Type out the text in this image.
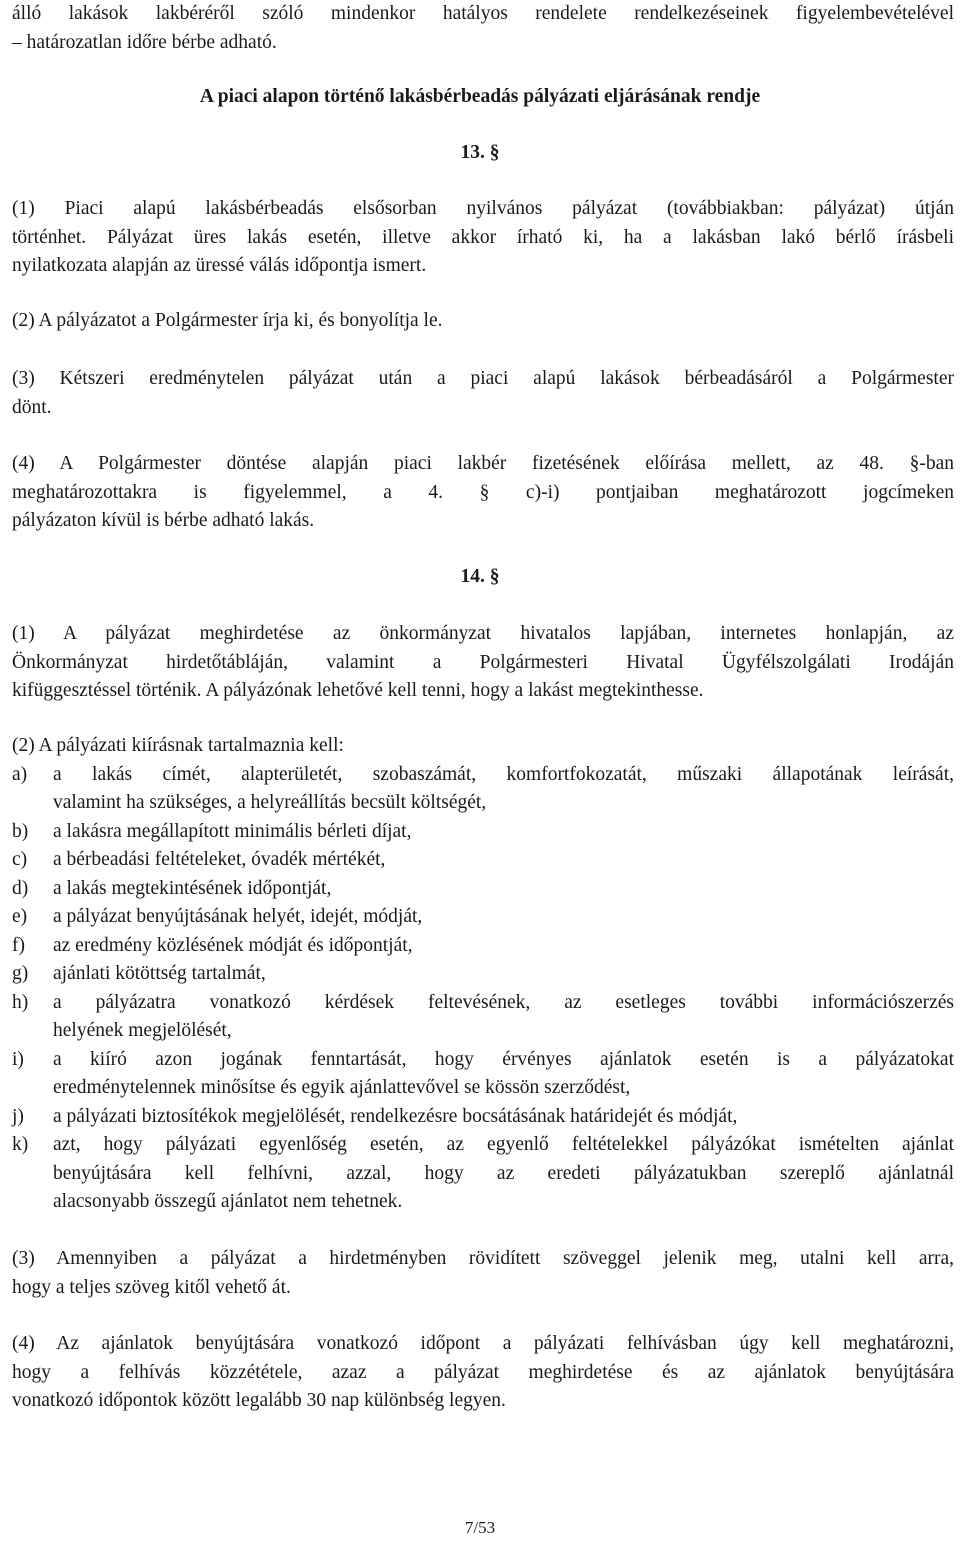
álló lakások lakbéréről szóló mindenkor hatályos rendelete rendelkezéseinek figyelembevételével
– határozatlan időre bérbe adható.
A piaci alapon történő lakásbérbeadás pályázati eljárásának rendje
13. §
(1) Piaci alapú lakásbérbeadás elsősorban nyilvános pályázat (továbbiakban: pályázat) útján
történhet. Pályázat üres lakás esetén, illetve akkor írható ki, ha a lakásban lakó bérlő írásbeli
nyilatkozata alapján az üressé válás időpontja ismert.
(2) A pályázatot a Polgármester írja ki, és bonyolítja le.
(3) Kétszeri eredménytelen pályázat után a piaci alapú lakások bérbeadásáról a Polgármester
dönt.
(4) A Polgármester döntése alapján piaci lakbér fizetésének előírása mellett, az 48. §-ban
meghatározottakra is figyelemmel, a 4. § c)-i) pontjaiban meghatározott jogcímeken
pályázaton kívül is bérbe adható lakás.
14. §
(1) A pályázat meghirdetése az önkormányzat hivatalos lapjában, internetes honlapján, az
Önkormányzat hirdetőtábláján, valamint a Polgármesteri Hivatal Ügyfélszolgálati Irodáján
kifüggesztéssel történik. A pályázónak lehetővé kell tenni, hogy a lakást megtekinthesse.
(2) A pályázati kiírásnak tartalmaznia kell:
a)	a lakás címét, alapterületét, szobaszámát, komfortfokozatát, műszaki állapotának leírását,
valamint ha szükséges, a helyreállítás becsült költségét,
b)	a lakásra megállapított minimális bérleti díjat,
c)	a bérbeadási feltételeket, óvadék mértékét,
d)	a lakás megtekintésének időpontját,
e)	a pályázat benyújtásának helyét, idejét, módját,
f)	az eredmény közlésének módját és időpontját,
g)	ajánlati kötöttség tartalmát,
h)	a pályázatra vonatkozó kérdések feltevésének, az esetleges további információszerzés
helyének megjelölését,
i)	a kiíró azon jogának fenntartását, hogy érvényes ajánlatok esetén is a pályázatokat
eredménytelennek minősítse és egyik ajánlattevővel se kössön szerződést,
j)	a pályázati biztosítékok megjelölését, rendelkezésre bocsátásának határidejét és módját,
k)	azt, hogy pályázati egyenlőség esetén, az egyenlő feltételekkel pályázókat ismételten ajánlat
benyújtására kell felhívni, azzal, hogy az eredeti pályázatukban szereplő ajánlatnál
alacsonyabb összegű ajánlatot nem tehetnek.
(3) Amennyiben a pályázat a hirdetményben rövidített szöveggel jelenik meg, utalni kell arra,
hogy a teljes szöveg kitől vehető át.
(4) Az ajánlatok benyújtására vonatkozó időpont a pályázati felhívásban úgy kell meghatározni,
hogy a felhívás közzététele, azaz a pályázat meghirdetése és az ajánlatok benyújtására
vonatkozó időpontok között legalább 30 nap különbség legyen.
7/53
